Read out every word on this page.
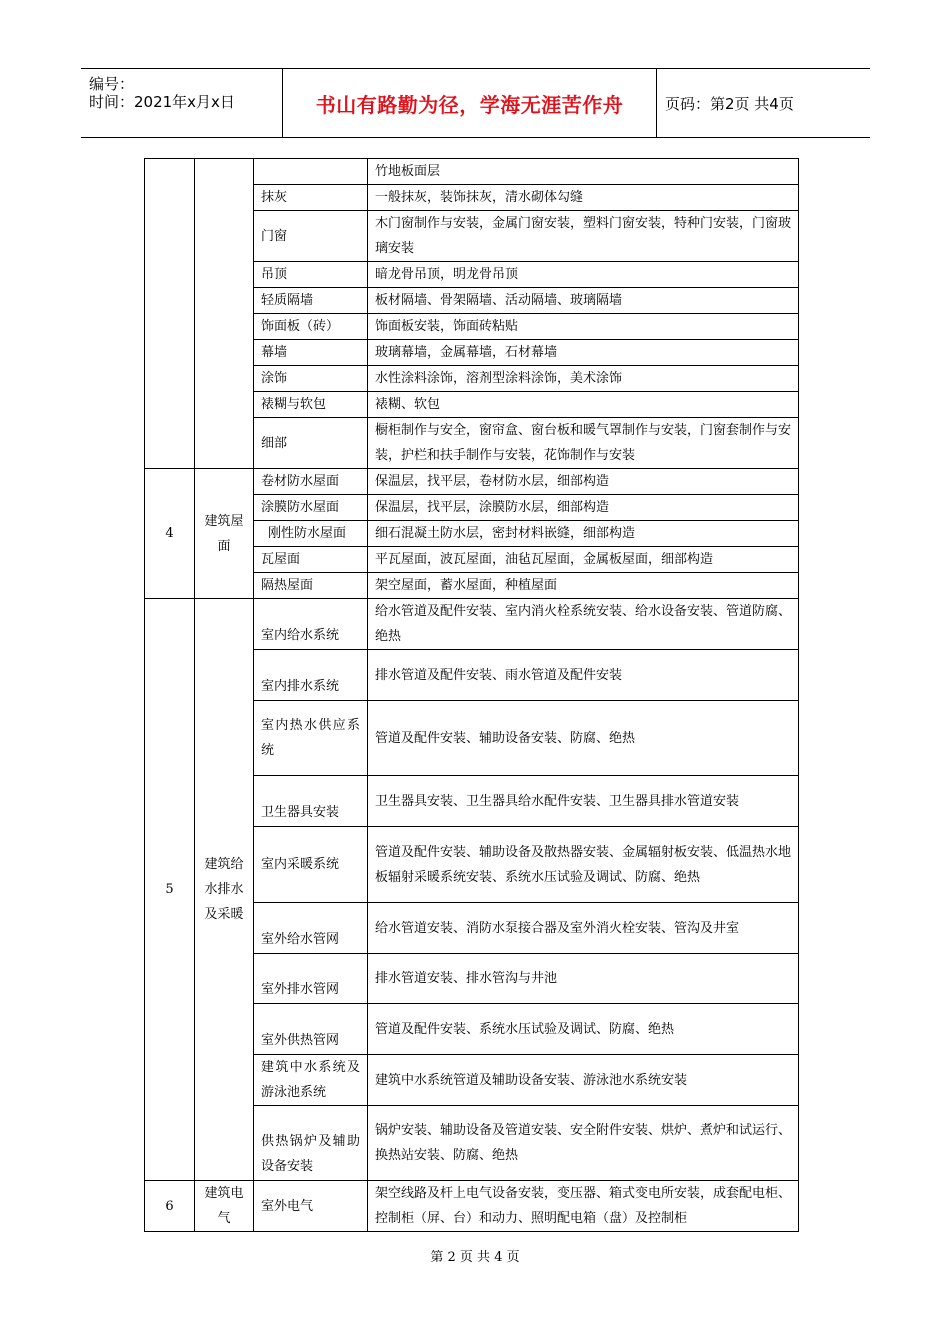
编号：
时间：2021年x月x日	书山有路勤为径，学海无涯苦作舟	页码：第2页 共4页
			竹地板面层
		抹灰	一般抹灰，装饰抹灰，清水砌体勾缝
		门窗	木门窗制作与安装，金属门窗安装，塑料门窗安装，特种门安装，门窗玻璃安装
		吊顶	暗龙骨吊顶，明龙骨吊顶
		轻质隔墙	板材隔墙、骨架隔墙、活动隔墙、玻璃隔墙
		饰面板（砖）	饰面板安装，饰面砖粘贴
		幕墙	玻璃幕墙，金属幕墙，石材幕墙
		涂饰	水性涂料涂饰，溶剂型涂料涂饰，美术涂饰
		裱糊与软包	裱糊、软包
		细部	橱柜制作与安全，窗帘盒、窗台板和暖气罩制作与安装，门窗套制作与安装，护栏和扶手制作与安装，花饰制作与安装
4	建筑屋面	卷材防水屋面	保温层，找平层，卷材防水层，细部构造
		涂膜防水屋面	保温层，找平层，涂膜防水层，细部构造
		刚性防水屋面	细石混凝土防水层，密封材料嵌缝，细部构造
		瓦屋面	平瓦屋面，波瓦屋面，油毡瓦屋面，金属板屋面，细部构造
		隔热屋面	架空屋面，蓄水屋面，种植屋面
5	建筑给水排水及采暖	室内给水系统	给水管道及配件安装、室内消火栓系统安装、给水设备安装、管道防腐、绝热
		室内排水系统	排水管道及配件安装、雨水管道及配件安装
		室内热水供应系统	管道及配件安装、辅助设备安装、防腐、绝热
		卫生器具安装	卫生器具安装、卫生器具给水配件安装、卫生器具排水管道安装
		室内采暖系统	管道及配件安装、辅助设备及散热器安装、金属辐射板安装、低温热水地板辐射采暖系统安装、系统水压试验及调试、防腐、绝热
		室外给水管网	给水管道安装、消防水泵接合器及室外消火栓安装、管沟及井室
		室外排水管网	排水管道安装、排水管沟与井池
		室外供热管网	管道及配件安装、系统水压试验及调试、防腐、绝热
		建筑中水系统及游泳池系统	建筑中水系统管道及辅助设备安装、游泳池水系统安装
		供热锅炉及辅助设备安装	锅炉安装、辅助设备及管道安装、安全附件安装、烘炉、煮炉和试运行、换热站安装、防腐、绝热
6	建筑电气	室外电气	架空线路及杆上电气设备安装，变压器、箱式变电所安装，成套配电柜、控制柜（屏、台）和动力、照明配电箱（盘）及控制柜
第 2 页 共 4 页
